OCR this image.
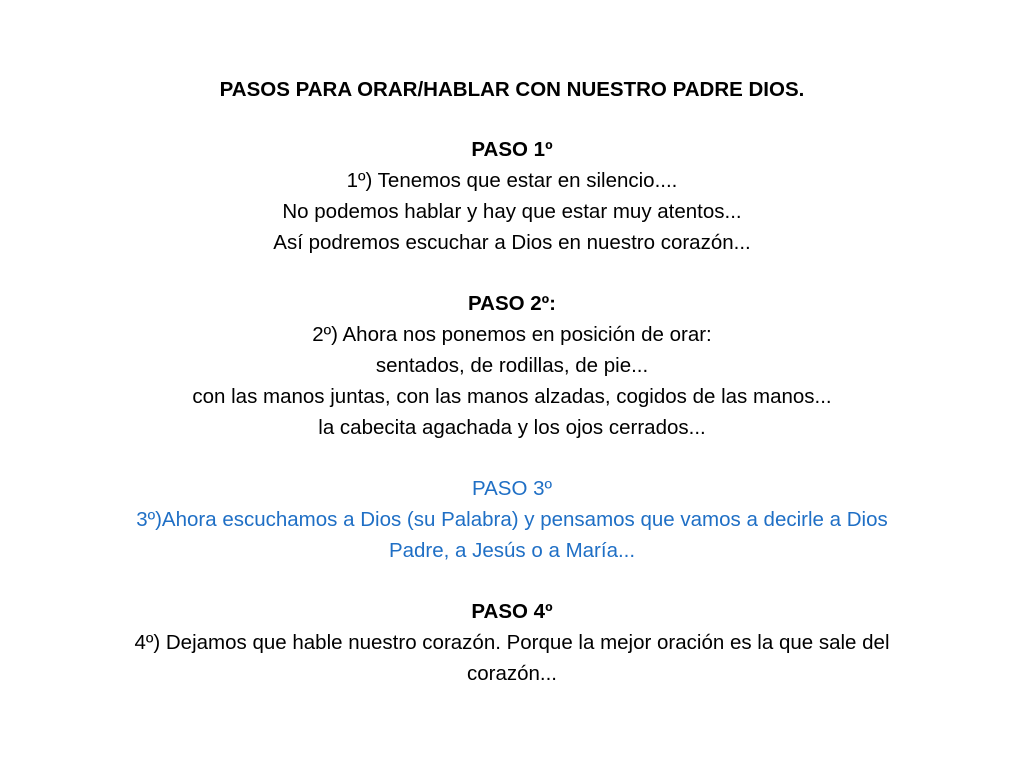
PASOS PARA ORAR/HABLAR CON NUESTRO PADRE DIOS.
PASO 1º
1º) Tenemos que estar en silencio....
No podemos hablar y hay que estar muy atentos...
Así podremos escuchar a Dios en nuestro corazón...
PASO 2º:
2º) Ahora nos ponemos en posición de orar:
sentados, de rodillas, de pie...
con las manos juntas, con las manos alzadas, cogidos de las manos...
la cabecita agachada y los ojos cerrados...
PASO 3º
3º)Ahora escuchamos a Dios (su Palabra) y pensamos que vamos a decirle a Dios
Padre, a Jesús o a María...
PASO 4º
4º) Dejamos que hable nuestro corazón. Porque la mejor oración es la que sale del
corazón...
